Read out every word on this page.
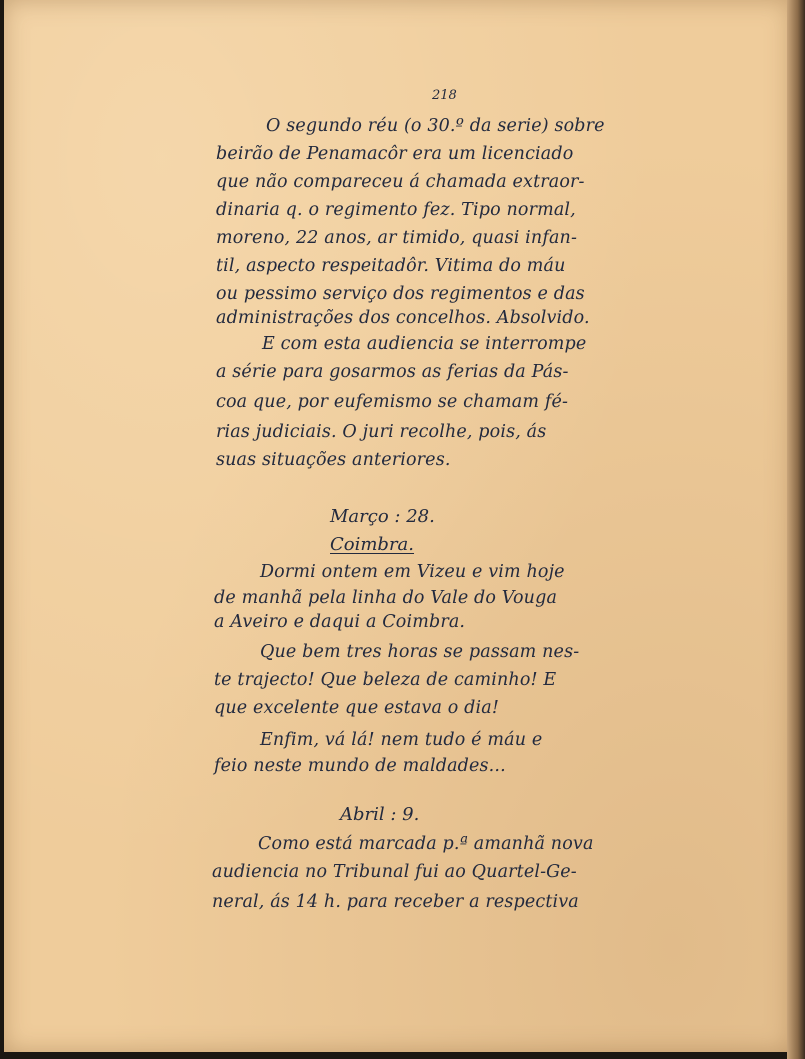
218
O segundo réu (o 30.º da serie) sobre
beirão de Penamacôr era um licenciado
que não compareceu á chamada extraor-
dinaria q. o regimento fez. Tipo normal,
moreno, 22 anos, ar timido, quasi infan-
til, aspecto respeitadôr. Vitima do máu
ou pessimo serviço dos regimentos e das
administrações dos concelhos. Absolvido.
E com esta audiencia se interrompe
a série para gosarmos as ferias da Pás-
coa que, por eufemismo se chamam fé-
rias judiciais. O juri recolhe, pois, ás
suas situações anteriores.
Março : 28.
Coimbra.
Dormi ontem em Vizeu e vim hoje
de manhã pela linha do Vale do Vouga
a Aveiro e daqui a Coimbra.
Que bem tres horas se passam nes-
te trajecto! Que beleza de caminho! E
que excelente que estava o dia!
Enfim, vá lá! nem tudo é máu e
feio neste mundo de maldades...
Abril : 9.
Como está marcada p.ª amanhã nova
audiencia no Tribunal fui ao Quartel-Ge-
neral, ás 14 h. para receber a respectiva
